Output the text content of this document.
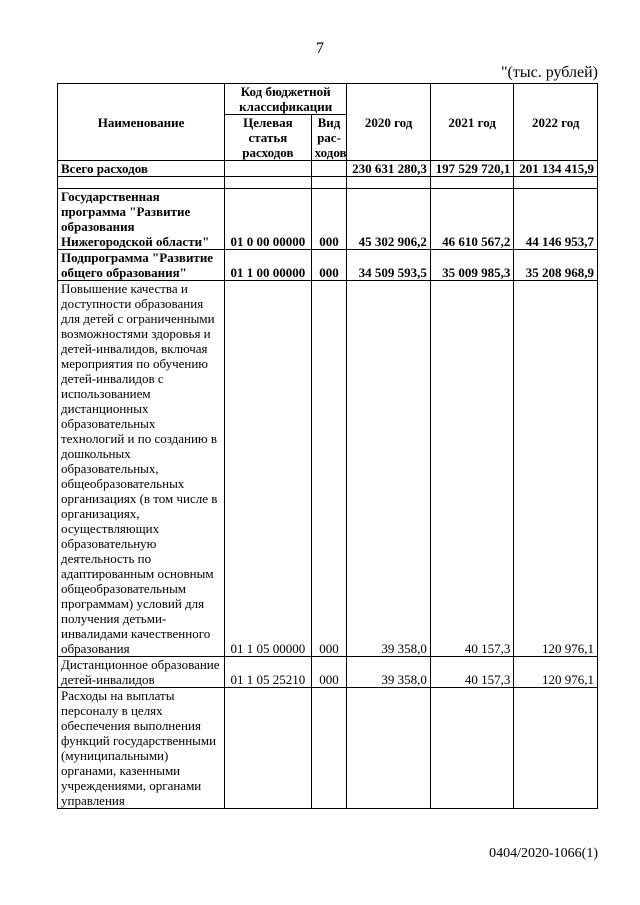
7
"(тыс. рублей)
Наименование	Код бюджетной классификации		2020 год	2021 год	2022 год
	Целевая статья расходов	Вид рас-ходов			
Всего расходов			230 631 280,3	197 529 720,1	201 134 415,9

Государственная программа "Развитие образования Нижегородской области"	01 0 00 00000	000	45 302 906,2	46 610 567,2	44 146 953,7
Подпрограмма "Развитие общего образования"	01 1 00 00000	000	34 509 593,5	35 009 985,3	35 208 968,9
Повышение качества и доступности образования для детей с ограниченными возможностями здоровья и детей-инвалидов, включая мероприятия по обучению детей-инвалидов с использованием дистанционных образовательных технологий и по созданию в дошкольных образовательных, общеобразовательных организациях (в том числе в организациях, осуществляющих образовательную деятельность по адаптированным основным общеобразовательным программам) условий для получения детьми-инвалидами качественного образования	01 1 05 00000	000	39 358,0	40 157,3	120 976,1
Дистанционное образование детей-инвалидов	01 1 05 25210	000	39 358,0	40 157,3	120 976,1
Расходы на выплаты персоналу в целях обеспечения выполнения функций государственными (муниципальными) органами, казенными учреждениями, органами управления					
0404/2020-1066(1)
